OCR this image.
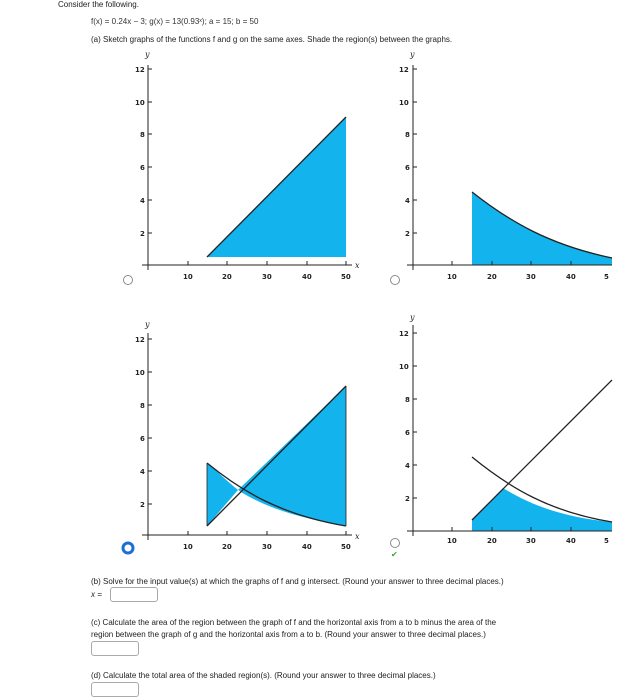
Consider the following.
f(x) = 0.24x − 3; g(x) = 13(0.93ˣ); a = 15; b = 50
(a) Sketch graphs of the functions f and g on the same axes. Shade the region(s) between the graphs.
y
x
12
10
8
6
4
2
10	20	30	40	50
y
12
10
8
6
4
2
10	20	30	40	5
y
x
12
10
8
6
4
2
10	20	30	40	50
y
12
10
8
6
4
2
10	20	30	40	5
✔
(b) Solve for the input value(s) at which the graphs of f and g intersect. (Round your answer to three decimal places.)
x =
(c) Calculate the area of the region between the graph of f and the horizontal axis from a to b minus the area of the
region between the graph of g and the horizontal axis from a to b. (Round your answer to three decimal places.)
(d) Calculate the total area of the shaded region(s). (Round your answer to three decimal places.)
